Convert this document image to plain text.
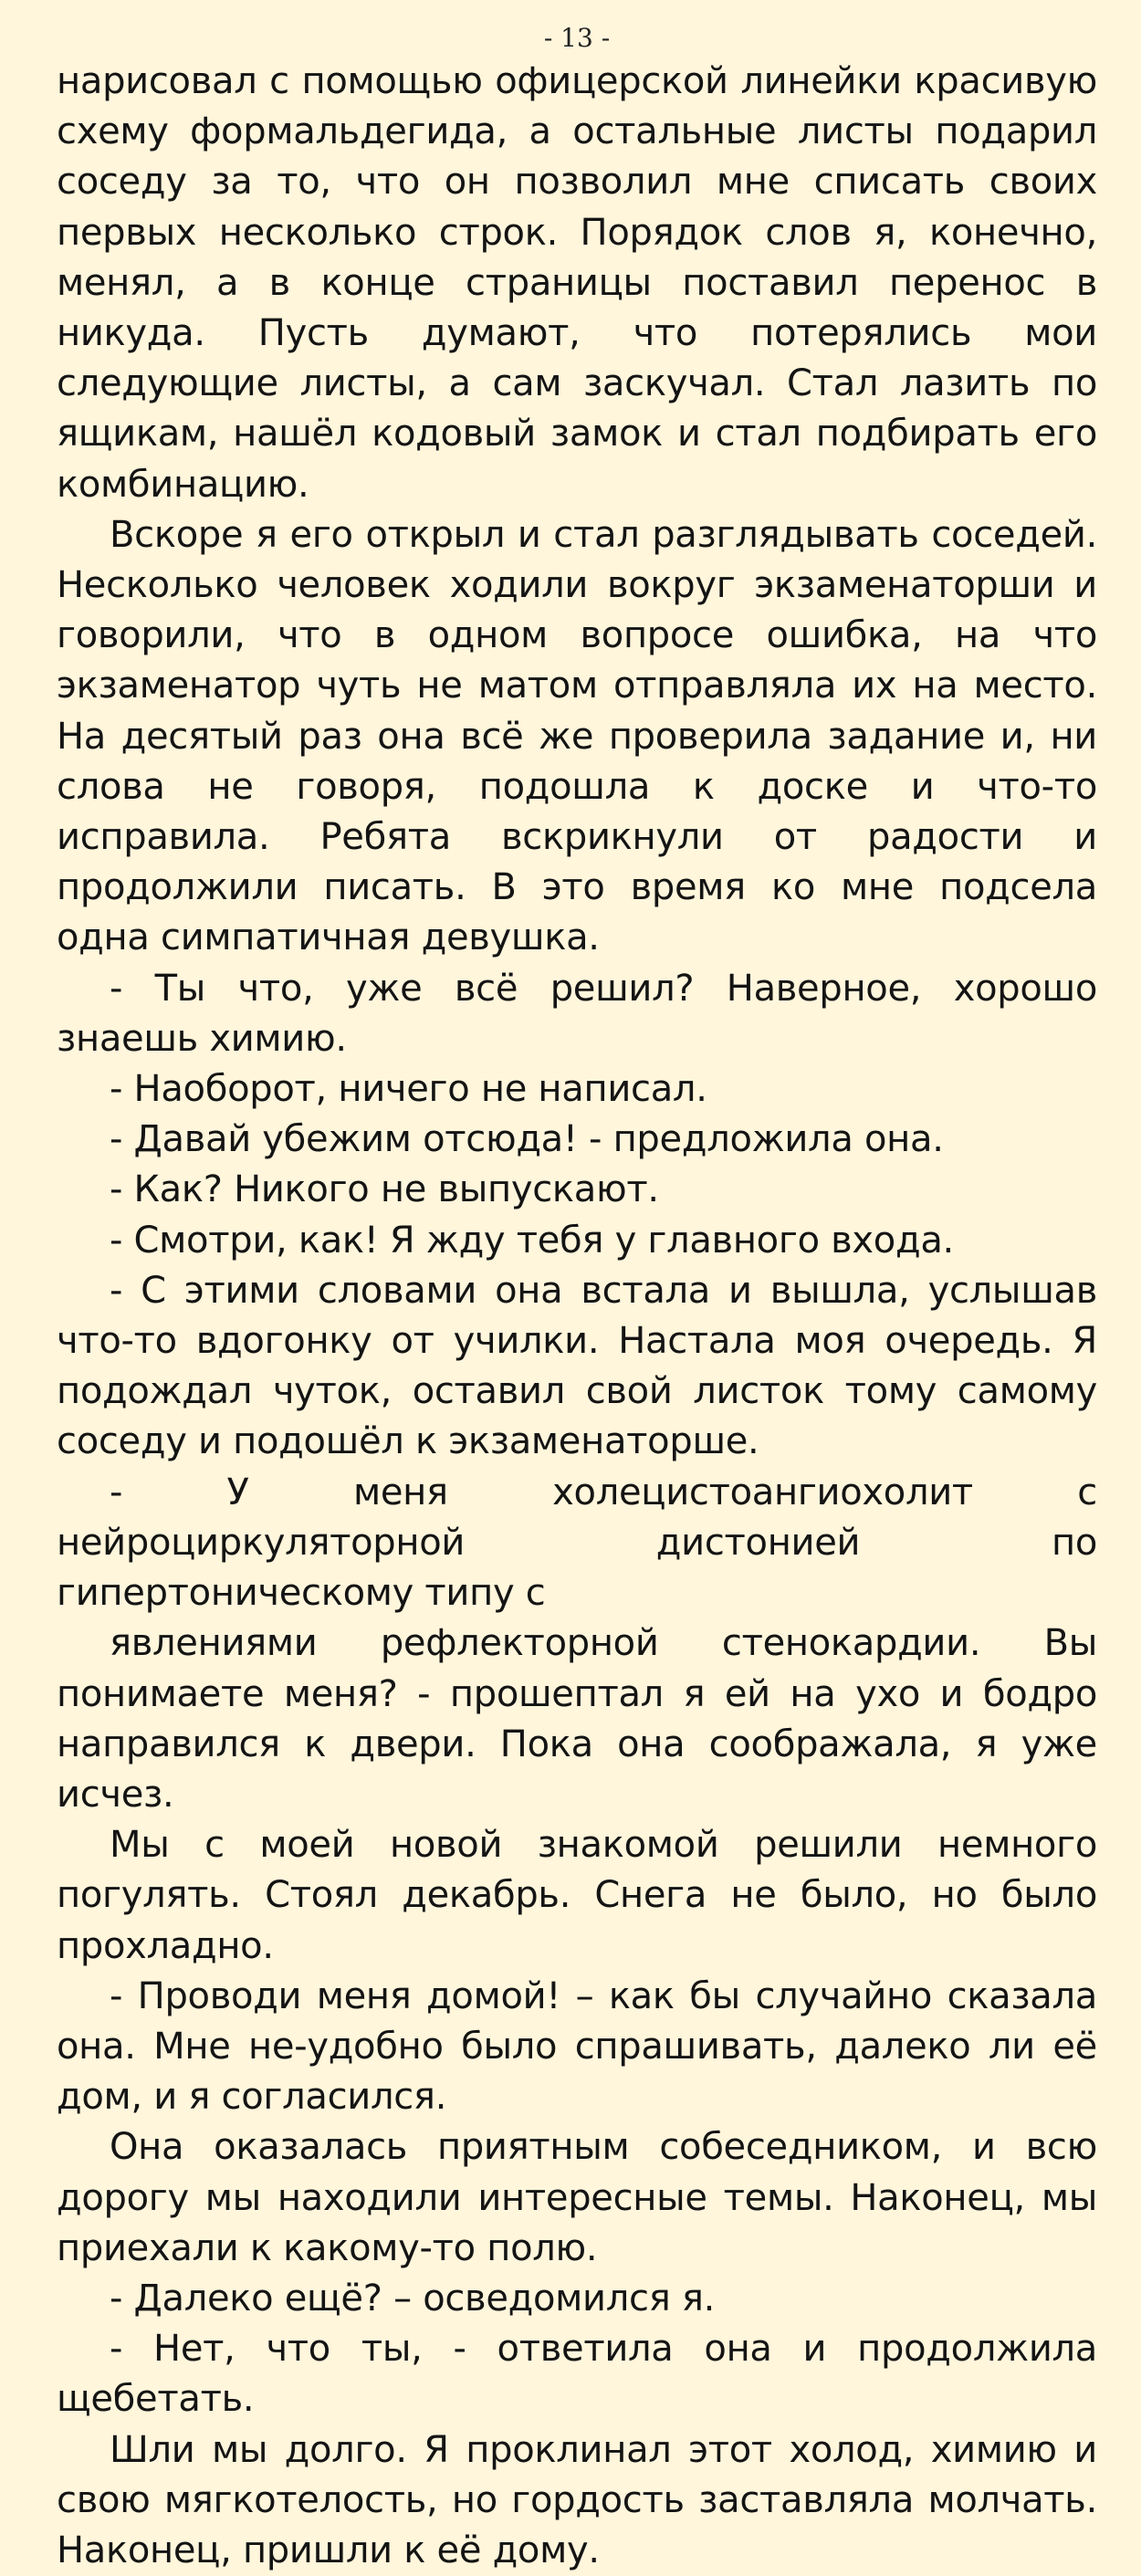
- 13 -

нарисовал с помощью офицерской линейки красивую схему формальдегида, а остальные листы подарил соседу за то, что он позволил мне списать своих первых несколько строк. Порядок слов я, конечно, менял, а в конце страницы поставил перенос в никуда. Пусть думают, что потерялись мои следующие листы, а сам заскучал. Стал лазить по ящикам, нашёл кодовый замок и стал подбирать его комбинацию.

Вскоре я его открыл и стал разглядывать соседей. Несколько человек ходили вокруг экзаменаторши и говорили, что в одном вопросе ошибка, на что экзаменатор чуть не матом отправляла их на место. На десятый раз она всё же проверила задание и, ни слова не говоря, подошла к доске и что-то исправила. Ребята вскрикнули от радости и продолжили писать. В это время ко мне подсела одна симпатичная девушка.

- Ты что, уже всё решил? Наверное, хорошо знаешь химию.

- Наоборот, ничего не написал.

- Давай убежим отсюда! - предложила она.

- Как? Никого не выпускают.

- Смотри, как! Я жду тебя у главного входа.

- С этими словами она встала и вышла, услышав что-то вдогонку от училки. Настала моя очередь. Я подождал чуток, оставил свой листок тому самому соседу и подошёл к экзаменаторше.

- У меня холецистоангиохолит с нейроциркуляторной дистонией по гипертоническому типу с

явлениями рефлекторной стенокардии. Вы понимаете меня? - прошептал я ей на ухо и бодро направился к двери. Пока она соображала, я уже исчез.

Мы с моей новой знакомой решили немного погулять. Стоял декабрь. Снега не было, но было прохладно.

- Проводи меня домой! – как бы случайно сказала она. Мне не-удобно было спрашивать, далеко ли её дом, и я согласился.

Она оказалась приятным собеседником, и всю дорогу мы находили интересные темы. Наконец, мы приехали к какому-то полю.

- Далеко ещё? – осведомился я.

- Нет, что ты, - ответила она и продолжила щебетать.

Шли мы долго. Я проклинал этот холод, химию и свою мягкотелость, но гордость заставляла молчать. Наконец, пришли к её дому.
